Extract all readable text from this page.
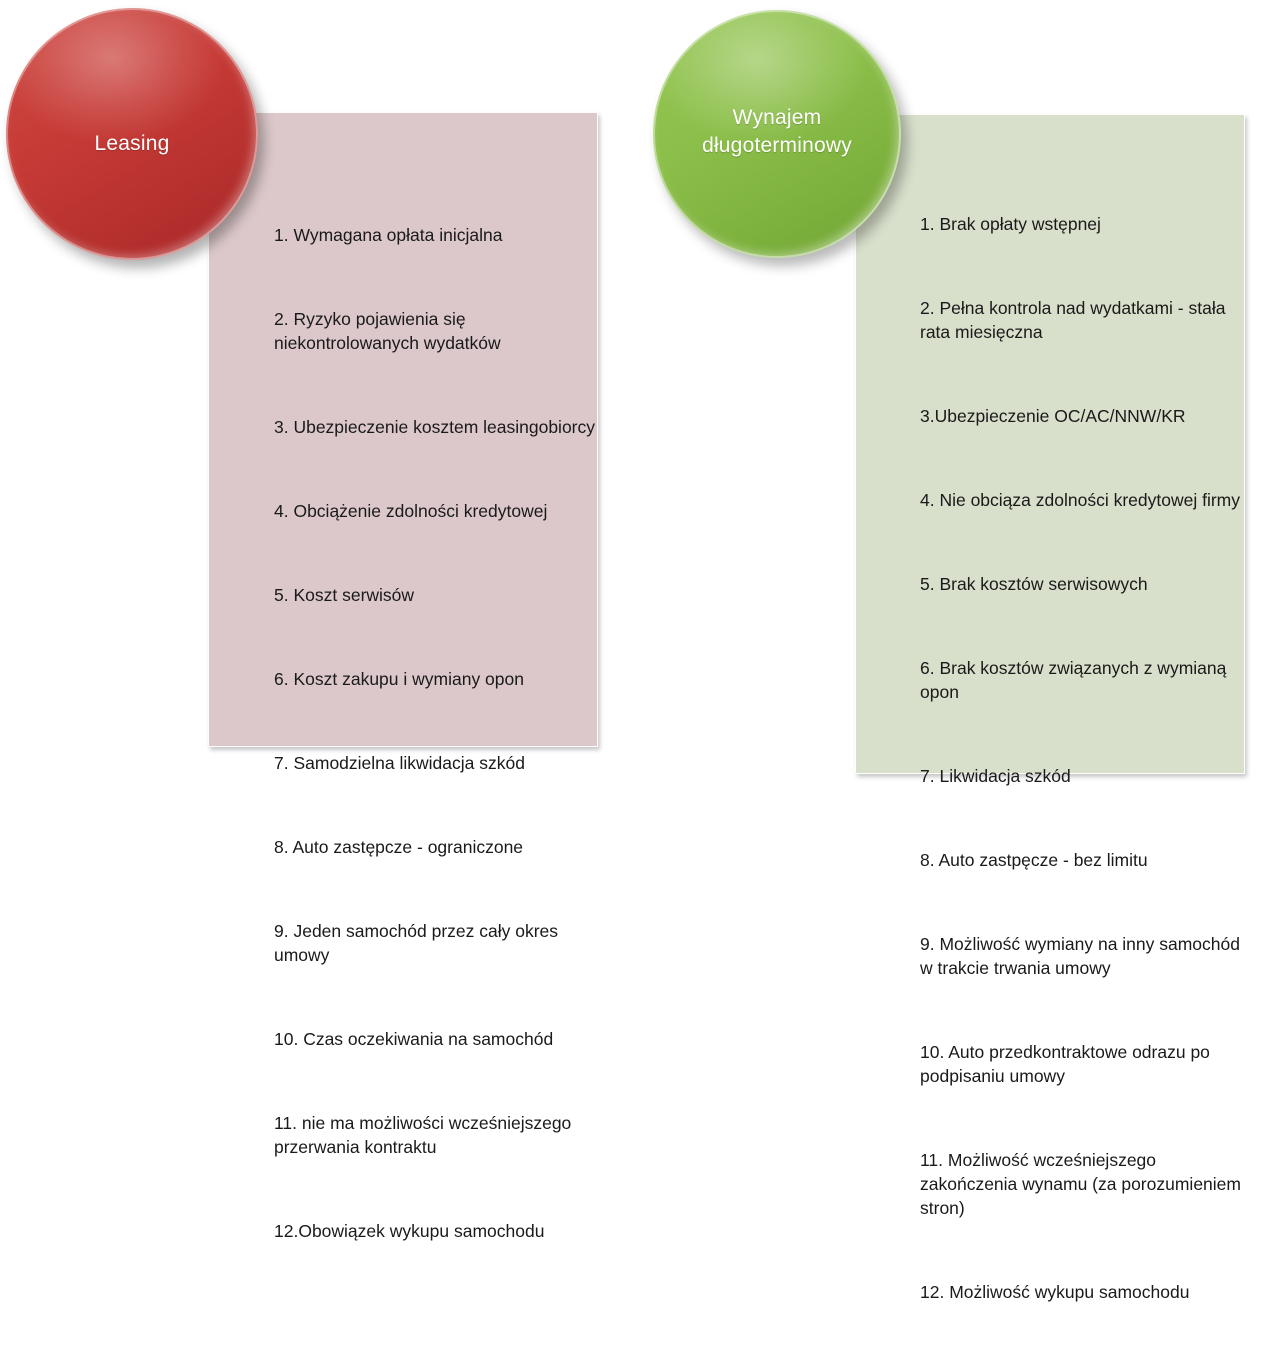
1. Wymagana opłata inicjalna

2. Ryzyko pojawienia się niekontrolowanych wydatków

3. Ubezpieczenie kosztem leasingobiorcy

4. Obciążenie zdolności kredytowej

5. Koszt serwisów

6. Koszt zakupu i wymiany opon

7. Samodzielna likwidacja szkód

8. Auto zastępcze - ograniczone

9. Jeden samochód przez cały okres umowy

10. Czas oczekiwania na samochód

11. nie ma możliwości wcześniejszego przerwania kontraktu

12.Obowiązek wykupu samochodu

Leasing

1. Brak opłaty wstępnej

2. Pełna kontrola nad wydatkami - stała      rata miesięczna

3.Ubezpieczenie OC/AC/NNW/KR

4. Nie obciąza zdolności kredytowej firmy

5. Brak kosztów serwisowych

6. Brak kosztów związanych z wymianą opon

7. Likwidacja szkód

8. Auto zastpęcze - bez limitu

9. Możliwość wymiany na inny samochód w trakcie trwania umowy

10. Auto przedkontraktowe odrazu po podpisaniu umowy

11. Możliwość wcześniejszego zakończenia wynamu (za porozumieniem stron)

12. Możliwość wykupu samochodu

Wynajem długoterminowy
